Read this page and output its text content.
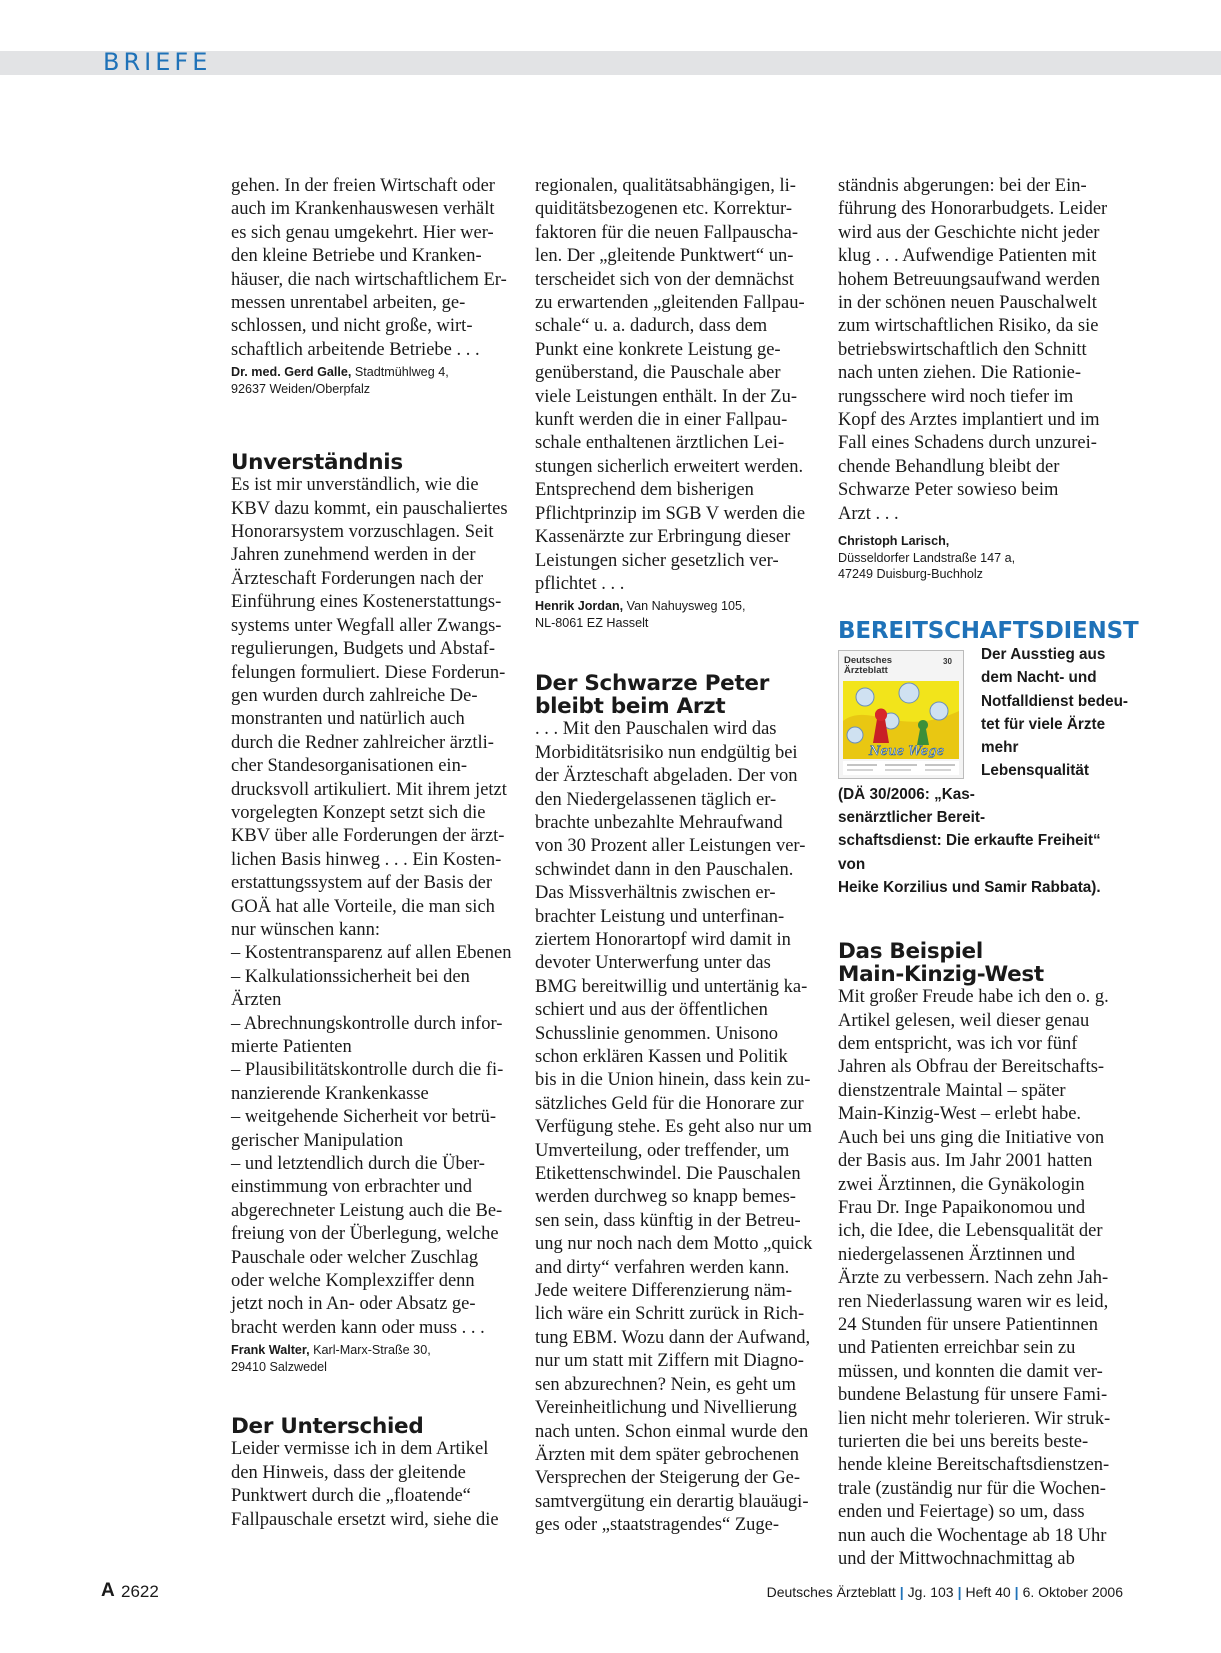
BRIEFE

gehen. In der freien Wirtschaft oder
auch im Krankenhauswesen verhält
es sich genau umgekehrt. Hier wer-
den kleine Betriebe und Kranken-
häuser, die nach wirtschaftlichem Er-
messen unrentabel arbeiten, ge-
schlossen, und nicht große, wirt-
schaftlich arbeitende Betriebe . . .

Dr. med. Gerd Galle, Stadtmühlweg 4,
92637 Weiden/Oberpfalz
Unverständnis

Es ist mir unverständlich, wie die
KBV dazu kommt, ein pauschaliertes
Honorarsystem vorzuschlagen. Seit
Jahren zunehmend werden in der
Ärzteschaft Forderungen nach der
Einführung eines Kostenerstattungs-
systems unter Wegfall aller Zwangs-
regulierungen, Budgets und Abstaf-
felungen formuliert. Diese Forderun-
gen wurden durch zahlreiche De-
monstranten und natürlich auch
durch die Redner zahlreicher ärztli-
cher Standesorganisationen ein-
drucksvoll artikuliert. Mit ihrem jetzt
vorgelegten Konzept setzt sich die
KBV über alle Forderungen der ärzt-
lichen Basis hinweg . . . Ein Kosten-
erstattungssystem auf der Basis der
GOÄ hat alle Vorteile, die man sich
nur wünschen kann:
– Kostentransparenz auf allen Ebenen
– Kalkulationssicherheit bei den
Ärzten
– Abrechnungskontrolle durch infor-
mierte Patienten
– Plausibilitätskontrolle durch die fi-
nanzierende Krankenkasse
– weitgehende Sicherheit vor betrü-
gerischer Manipulation
– und letztendlich durch die Über-
einstimmung von erbrachter und
abgerechneter Leistung auch die Be-
freiung von der Überlegung, welche
Pauschale oder welcher Zuschlag
oder welche Komplexziffer denn
jetzt noch in An- oder Absatz ge-
bracht werden kann oder muss . . .

Frank Walter, Karl-Marx-Straße 30,
29410 Salzwedel
Der Unterschied

Leider vermisse ich in dem Artikel
den Hinweis, dass der gleitende
Punktwert durch die „floatende“
Fallpauschale ersetzt wird, siehe die

regionalen, qualitätsabhängigen, li-
quiditätsbezogenen etc. Korrektur-
faktoren für die neuen Fallpauscha-
len. Der „gleitende Punktwert“ un-
terscheidet sich von der demnächst
zu erwartenden „gleitenden Fallpau-
schale“ u. a. dadurch, dass dem
Punkt eine konkrete Leistung ge-
genüberstand, die Pauschale aber
viele Leistungen enthält. In der Zu-
kunft werden die in einer Fallpau-
schale enthaltenen ärztlichen Lei-
stungen sicherlich erweitert werden.
Entsprechend dem bisherigen
Pflichtprinzip im SGB V werden die
Kassenärzte zur Erbringung dieser
Leistungen sicher gesetzlich ver-
pflichtet . . .

Henrik Jordan, Van Nahuysweg 105,
NL-8061 EZ Hasselt
Der Schwarze Peter
bleibt beim Arzt

. . . Mit den Pauschalen wird das
Morbiditätsrisiko nun endgültig bei
der Ärzteschaft abgeladen. Der von
den Niedergelassenen täglich er-
brachte unbezahlte Mehraufwand
von 30 Prozent aller Leistungen ver-
schwindet dann in den Pauschalen.
Das Missverhältnis zwischen er-
brachter Leistung und unterfinan-
ziertem Honorartopf wird damit in
devoter Unterwerfung unter das
BMG bereitwillig und untertänig ka-
schiert und aus der öffentlichen
Schusslinie genommen. Unisono
schon erklären Kassen und Politik
bis in die Union hinein, dass kein zu-
sätzliches Geld für die Honorare zur
Verfügung stehe. Es geht also nur um
Umverteilung, oder treffender, um
Etikettenschwindel. Die Pauschalen
werden durchweg so knapp bemes-
sen sein, dass künftig in der Betreu-
ung nur noch nach dem Motto „quick
and dirty“ verfahren werden kann.
Jede weitere Differenzierung näm-
lich wäre ein Schritt zurück in Rich-
tung EBM. Wozu dann der Aufwand,
nur um statt mit Ziffern mit Diagno-
sen abzurechnen? Nein, es geht um
Vereinheitlichung und Nivellierung
nach unten. Schon einmal wurde den
Ärzten mit dem später gebrochenen
Versprechen der Steigerung der Ge-
samtvergütung ein derartig blauäugi-
ges oder „staatstragendes“ Zuge-

ständnis abgerungen: bei der Ein-
führung des Honorarbudgets. Leider
wird aus der Geschichte nicht jeder
klug . . . Aufwendige Patienten mit
hohem Betreuungsaufwand werden
in der schönen neuen Pauschalwelt
zum wirtschaftlichen Risiko, da sie
betriebswirtschaftlich den Schnitt
nach unten ziehen. Die Rationie-
rungsschere wird noch tiefer im
Kopf des Arztes implantiert und im
Fall eines Schadens durch unzurei-
chende Behandlung bleibt der
Schwarze Peter sowieso beim
Arzt . . .

Christoph Larisch,
Düsseldorfer Landstraße 147 a,
47249 Duisburg-Buchholz
BEREITSCHAFTSDIENST
Deutsches Ärzteblatt
30
Neue Wege

Der Ausstieg aus
dem Nacht- und
Notfalldienst bedeu-
tet für viele Ärzte
mehr Lebensqualität
(DÄ 30/2006: „Kas-
senärztlicher Bereit-
schaftsdienst: Die erkaufte Freiheit“ von
Heike Korzilius und Samir Rabbata).

Das Beispiel
Main-Kinzig-West

Mit großer Freude habe ich den o. g.
Artikel gelesen, weil dieser genau
dem entspricht, was ich vor fünf
Jahren als Obfrau der Bereitschafts-
dienstzentrale Maintal – später
Main-Kinzig-West – erlebt habe.
Auch bei uns ging die Initiative von
der Basis aus. Im Jahr 2001 hatten
zwei Ärztinnen, die Gynäkologin
Frau Dr. Inge Papaikonomou und
ich, die Idee, die Lebensqualität der
niedergelassenen Ärztinnen und
Ärzte zu verbessern. Nach zehn Jah-
ren Niederlassung waren wir es leid,
24 Stunden für unsere Patientinnen
und Patienten erreichbar sein zu
müssen, und konnten die damit ver-
bundene Belastung für unsere Fami-
lien nicht mehr tolerieren. Wir struk-
turierten die bei uns bereits beste-
hende kleine Bereitschaftsdienstzen-
trale (zuständig nur für die Wochen-
enden und Feiertage) so um, dass
nun auch die Wochentage ab 18 Uhr
und der Mittwochnachmittag ab

A 2622	Deutsches Ärzteblatt | Jg. 103 | Heft 40 | 6. Oktober 2006
